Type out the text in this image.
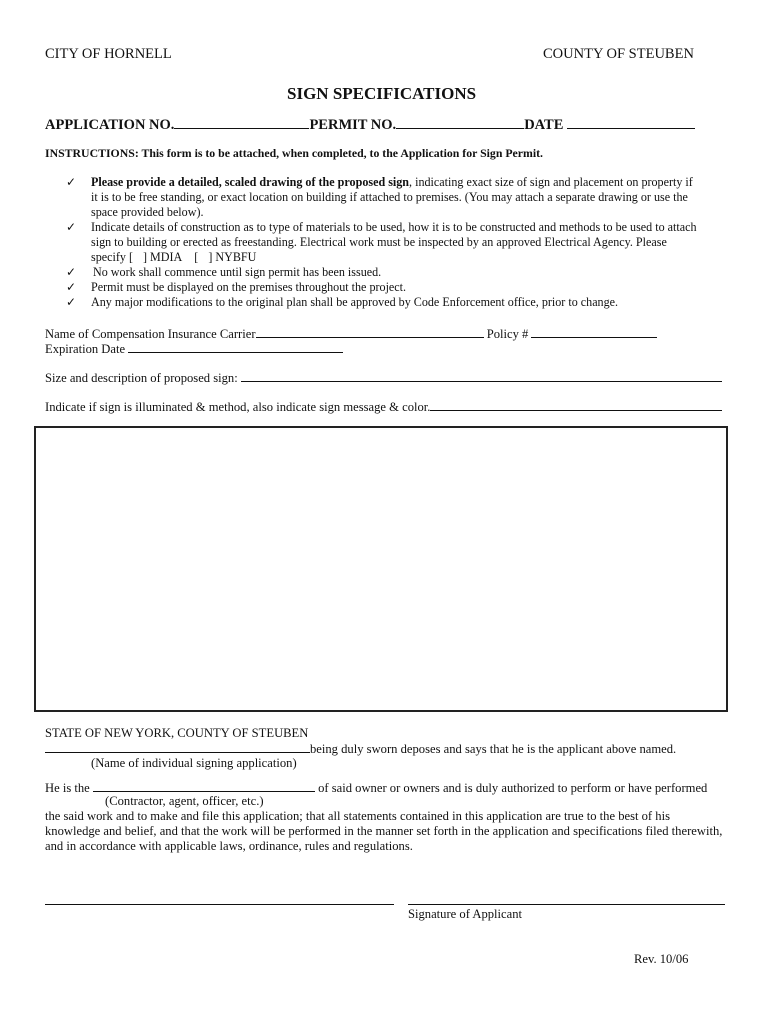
CITY OF HORNELL	COUNTY OF STEUBEN
SIGN SPECIFICATIONS
APPLICATION NO.	PERMIT NO.	DATE
INSTRUCTIONS: This form is to be attached, when completed, to the Application for Sign Permit.
✓ Please provide a detailed, scaled drawing of the proposed sign, indicating exact size of sign and placement on property if
it is to be free standing, or exact location on building if attached to premises. (You may attach a separate drawing or use the
space provided below).
✓ Indicate details of construction as to type of materials to be used, how it is to be constructed and methods to be used to attach
sign to building or erected as freestanding. Electrical work must be inspected by an approved Electrical Agency. Please
specify [ ] MDIA [ ] NYBFU
✓ No work shall commence until sign permit has been issued.
✓ Permit must be displayed on the premises throughout the project.
✓ Any major modifications to the original plan shall be approved by Code Enforcement office, prior to change.
Name of Compensation Insurance Carrier	Policy #
Expiration Date
Size and description of proposed sign:
Indicate if sign is illuminated & method, also indicate sign message & color.
STATE OF NEW YORK, COUNTY OF STEUBEN
being duly sworn deposes and says that he is the applicant above named.
(Name of individual signing application)
He is the	of said owner or owners and is duly authorized to perform or have performed
(Contractor, agent, officer, etc.)
the said work and to make and file this application; that all statements contained in this application are true to the best of his
knowledge and belief, and that the work will be performed in the manner set forth in the application and specifications filed therewith,
and in accordance with applicable laws, ordinance, rules and regulations.
Signature of Applicant
Rev. 10/06
